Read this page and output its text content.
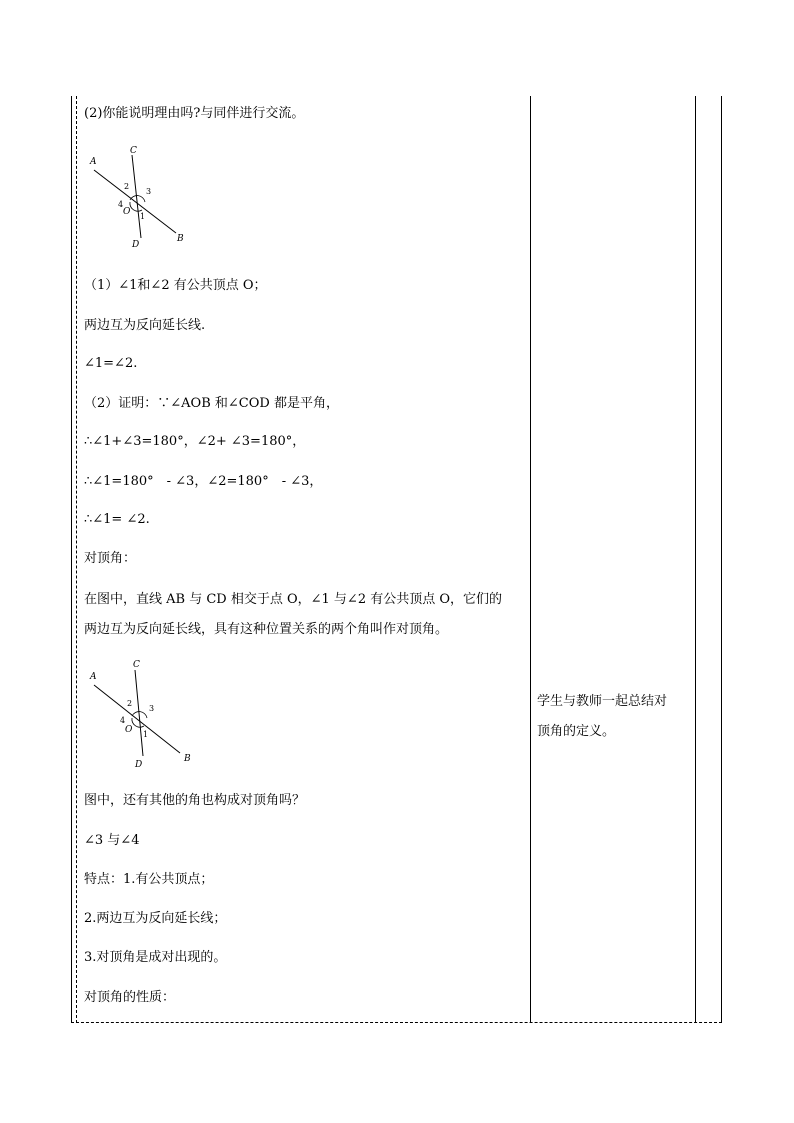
(2)你能说明理由吗?与同伴进行交流。
A
C
B
D
O
2
3
4
1
（1）∠1和∠2 有公共顶点 O；
两边互为反向延长线.
∠1=∠2.
（2）证明：∵∠AOB 和∠COD 都是平角，
∴∠1+∠3=180°，∠2+ ∠3=180°，
∴∠1=180°　- ∠3，∠2=180°　- ∠3，
∴∠1= ∠2.
对顶角：
在图中，直线 AB 与 CD 相交于点 O，∠1 与∠2 有公共顶点 O，它们的
两边互为反向延长线，具有这种位置关系的两个角叫作对顶角。
A
C
B
D
O
2
3
4
1
图中，还有其他的角也构成对顶角吗？
∠3 与∠4
特点：1.有公共顶点；
2.两边互为反向延长线；
3.对顶角是成对出现的。
对顶角的性质：
学生与教师一起总结对
顶角的定义。
